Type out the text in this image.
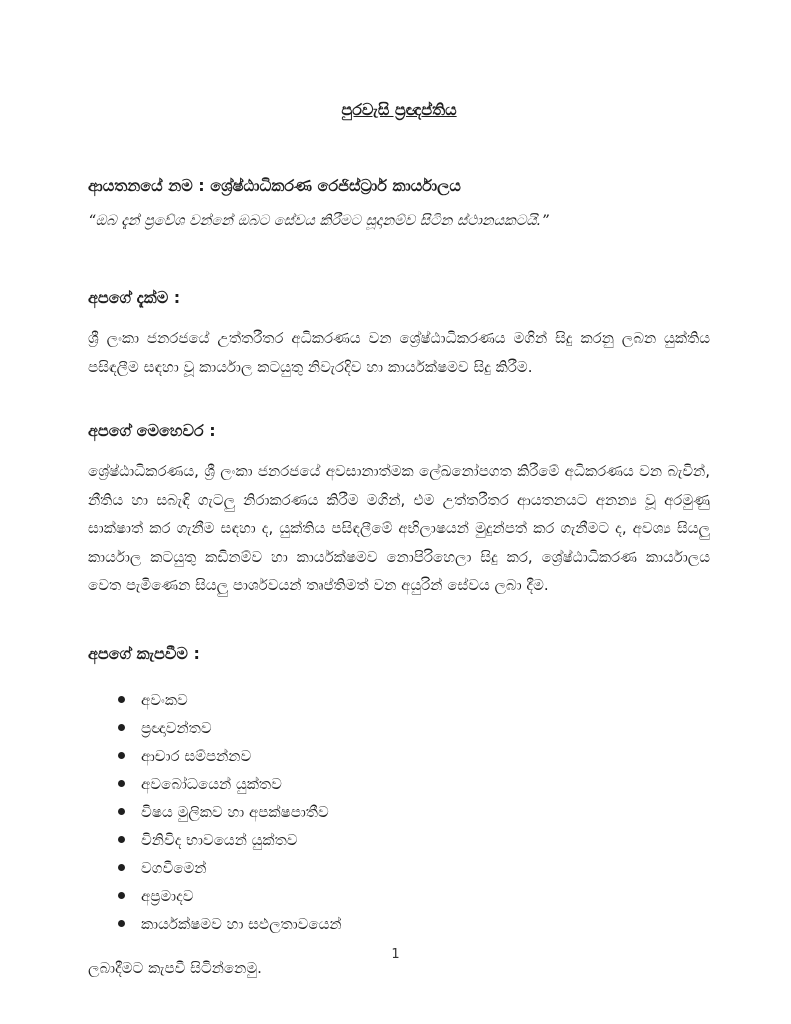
පුරවැසි ප්‍රඥප්තිය
ආයතනයේ නම : ශ්‍රේෂ්ඨාධිකරණ රෙජිස්ට්‍රාර් කාර්යාලය
“ඔබ දැන් ප්‍රවේශ වන්නේ ඔබට සේවය කිරීමට සූදානම්ව සිටින ස්ථානයකටයි.”
අපගේ දැක්ම :
ශ්‍රී ලංකා ජනරජයේ උත්තරීතර අධිකරණය වන ශ්‍රේෂ්ඨාධිකරණය මගින් සිදු කරනු ලබන යුක්තිය පසිඳලීම සඳහා වූ කාර්යාල කටයුතු නිවැරදිව හා කාර්යක්ෂමව සිදු කිරීම.
අපගේ මෙහෙවර :
ශ්‍රේෂ්ඨාධිකරණය, ශ්‍රී ලංකා ජනරජයේ අවසානාත්මක ලේඛනෝපගත කිරීමේ අධිකරණය වන බැවින්, නීතිය හා සබැඳි ගැටලු නිරාකරණය කිරීම මගින්, එම උත්තරීතර ආයතනයට අනන්‍ය වූ අරමුණු සාක්ෂාත් කර ගැනීම සඳහා ද, යුක්තිය පසිඳලීමේ අභිලාෂයන් මුදුන්පත් කර ගැනීමට ද, අවශ්‍ය සියලු කාර්යාල කටයුතු කඩිනම්ව හා කාර්යක්ෂමව නොපිරිහෙලා සිදු කර, ශ්‍රේෂ්ඨාධිකරණ කාර්යාලය වෙත පැමිණෙන සියලු පාර්ශවයන් තෘප්තිමත් වන අයුරින් සේවය ලබා දීම.
අපගේ කැපවීම :
අවංකව
ප්‍රඥාවන්තව
ආචාර සම්පන්නව
අවබෝධයෙන් යුක්තව
විෂය මුලිකව හා අපක්ෂපාතීව
විනිවිද භාවයෙන් යුක්තව
වගවීමෙන්
අප්‍රමාදව
කාර්යක්ෂමව හා සඵලතාවයෙන්
ලබාදීමට කැපවී සිටින්නෙමු.
1
